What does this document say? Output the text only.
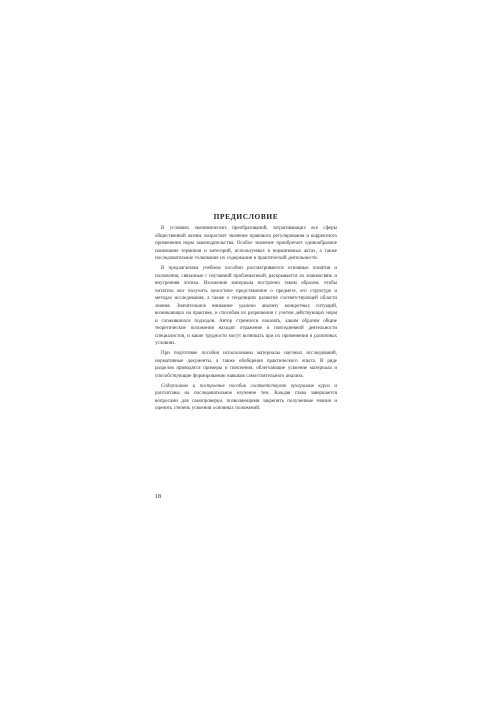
ПРЕДИСЛОВИЕ

В условиях экономических преобразований, затрагивающих все сферы общественной жизни, возрастает значение правового регулирования и корректного применения норм законодательства. Особое значение приобретает единообразное понимание терминов и категорий, используемых в нормативных актах, а также последовательное толкование их содержания в практической деятельности.

В предлагаемом учебном пособии рассматриваются основные понятия и положения, связанные с изучаемой проблематикой, раскрывается их взаимосвязь и внутренняя логика. Изложение материала построено таким образом, чтобы читатель мог получить целостное представление о предмете, его структуре и методах исследования, а также о тенденциях развития соответствующей области знания. Значительное внимание уделено анализу конкретных ситуаций, возникающих на практике, и способам их разрешения с учетом действующих норм и сложившихся подходов. Автор стремился показать, каким образом общие теоретические положения находят отражение в повседневной деятельности специалистов, и какие трудности могут возникать при их применении в различных условиях.

При подготовке пособия использованы материалы научных исследований, нормативные документы, а также обобщения практического опыта. В ряде разделов приводятся примеры и пояснения, облегчающие усвоение материала и способствующие формированию навыков самостоятельного анализа.

Содержание и построение пособия соответствуют программе курса и рассчитаны на последовательное изучение тем. Каждая глава завершается вопросами для самопроверки, позволяющими закрепить полученные знания и оценить степень усвоения основных положений.

18
